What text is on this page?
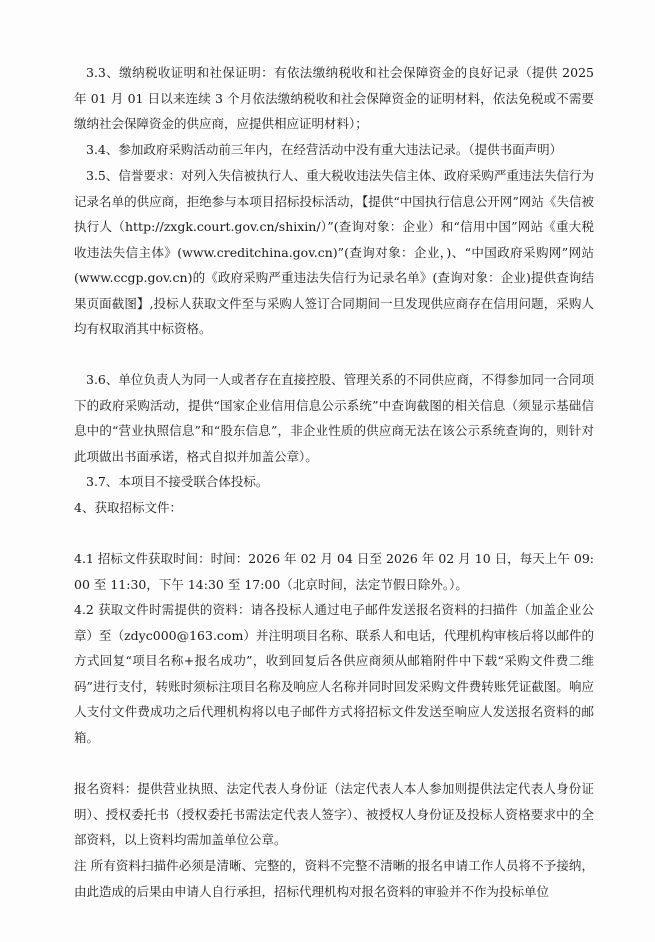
3.3、缴纳税收证明和社保证明：有依法缴纳税收和社会保障资金的良好记录（提供 2025 年 01 月 01 日以来连续 3 个月依法缴纳税收和社会保障资金的证明材料，依法免税或不需要缴纳社会保障资金的供应商，应提供相应证明材料）；
3.4、参加政府采购活动前三年内，在经营活动中没有重大违法记录。（提供书面声明）
3.5、信誉要求：对列入失信被执行人、重大税收违法失信主体、政府采购严重违法失信行为记录名单的供应商，拒绝参与本项目招标投标活动，【提供“中国执行信息公开网”网站《失信被执行人（http://zxgk.court.gov.cn/shixin/）”(查询对象：企业）和“信用中国”网站《重大税收违法失信主体》(www.creditchina.gov.cn)”(查询对象：企业，)、“中国政府采购网”网站(www.ccgp.gov.cn)的《政府采购严重违法失信行为记录名单》(查询对象：企业)提供查询结果页面截图】,投标人获取文件至与采购人签订合同期间一旦发现供应商存在信用问题，采购人均有权取消其中标资格。
3.6、单位负责人为同一人或者存在直接控股、管理关系的不同供应商，不得参加同一合同项下的政府采购活动，提供“国家企业信用信息公示系统”中查询截图的相关信息（须显示基础信息中的“营业执照信息”和“股东信息”，非企业性质的供应商无法在该公示系统查询的，则针对此项做出书面承诺，格式自拟并加盖公章）。
3.7、本项目不接受联合体投标。
4、获取招标文件：
4.1 招标文件获取时间：时间：2026 年 02 月 04 日至 2026 年 02 月 10 日，每天上午 09:00 至 11:30，下午 14:30 至 17:00（北京时间，法定节假日除外。）。
4.2 获取文件时需提供的资料：请各投标人通过电子邮件发送报名资料的扫描件（加盖企业公章）至（zdyc000@163.com）并注明项目名称、联系人和电话，代理机构审核后将以邮件的方式回复“项目名称+报名成功”，收到回复后各供应商须从邮箱附件中下载“采购文件费二维码”进行支付，转账时须标注项目名称及响应人名称并同时回发采购文件费转账凭证截图。响应人支付文件费成功之后代理机构将以电子邮件方式将招标文件发送至响应人发送报名资料的邮箱。
报名资料：提供营业执照、法定代表人身份证（法定代表人本人参加则提供法定代表人身份证明）、授权委托书（授权委托书需法定代表人签字）、被授权人身份证及投标人资格要求中的全部资料，以上资料均需加盖单位公章。
注 所有资料扫描件必须是清晰、完整的，资料不完整不清晰的报名申请工作人员将不予接纳，由此造成的后果由申请人自行承担，招标代理机构对报名资料的审验并不作为投标单位
